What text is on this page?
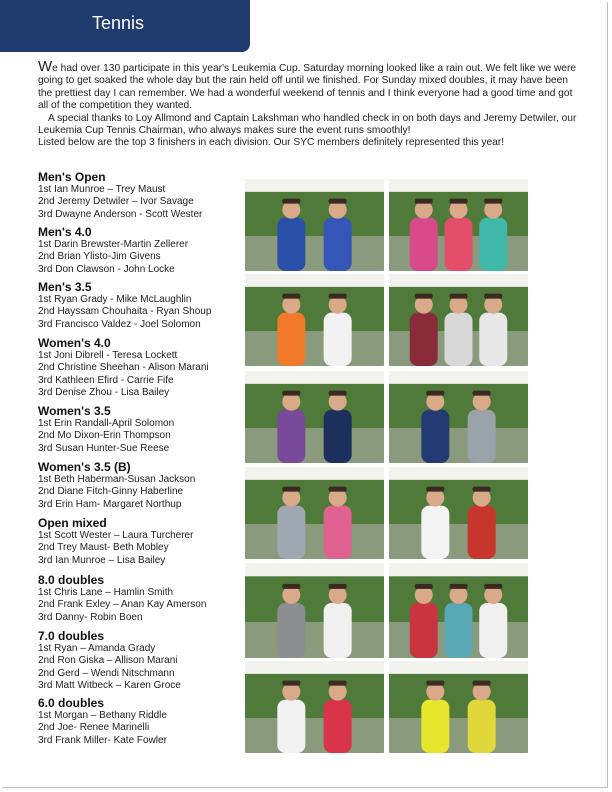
Tennis

We had over 130 participate in this year's Leukemia Cup. Saturday morning looked like a rain out. We felt like we were going to get soaked the whole day but the rain held off until we finished. For Sunday mixed doubles, it may have been the prettiest day I can remember. We had a wonderful weekend of tennis and I think everyone had a good time and got all of the competition they wanted.

A special thanks to Loy Allmond and Captain Lakshman who handled check in on both days and Jeremy Detwiler, our Leukemia Cup Tennis Chairman, who always makes sure the event runs smoothly!

Listed below are the top 3 finishers in each division. Our SYC members definitely represented this year!

Men's Open
1st Ian Munroe – Trey Maust
2nd Jeremy Detwiler – Ivor Savage
3rd Dwayne Anderson - Scott Wester
Men's 4.0
1st Darin Brewster-Martin Zellerer
2nd Brian Ylisto-Jim Givens
3rd Don Clawson - John Locke
Men's 3.5
1st Ryan Grady - Mike McLaughlin
2nd Hayssam Chouhaita - Ryan Shoup
3rd Francisco Valdez - Joel Solomon
Women's 4.0
1st Joni Dibrell - Teresa Lockett
2nd Christine Sheehan - Alison Marani
3rd Kathleen Efird - Carrie Fife
3rd Denise Zhou - Lisa Bailey
Women's 3.5
1st Erin Randall-April Solomon
2nd Mo Dixon-Erin Thompson
3rd Susan Hunter-Sue Reese
Women's 3.5 (B)
1st Beth Haberman-Susan Jackson
2nd Diane Fitch-Ginny Haberline
3rd Erin Ham- Margaret Northup
Open mixed
1st Scott Wester – Laura Turcherer
2nd Trey Maust- Beth Mobley
3rd Ian Munroe – Lisa Bailey
8.0 doubles
1st Chris Lane – Hamlin Smith
2nd Frank Exley – Anan Kay Amerson
3rd Danny- Robin Boen
7.0 doubles
1st Ryan – Amanda Grady
2nd Ron Giska – Allison Marani
2nd Gerd – Wendi Nitschmann
3rd Matt Witbeck – Karen Groce
6.0 doubles
1st Morgan – Bethany Riddle
2nd Joe- Renee Marinelli
3rd Frank Miller- Kate Fowler
